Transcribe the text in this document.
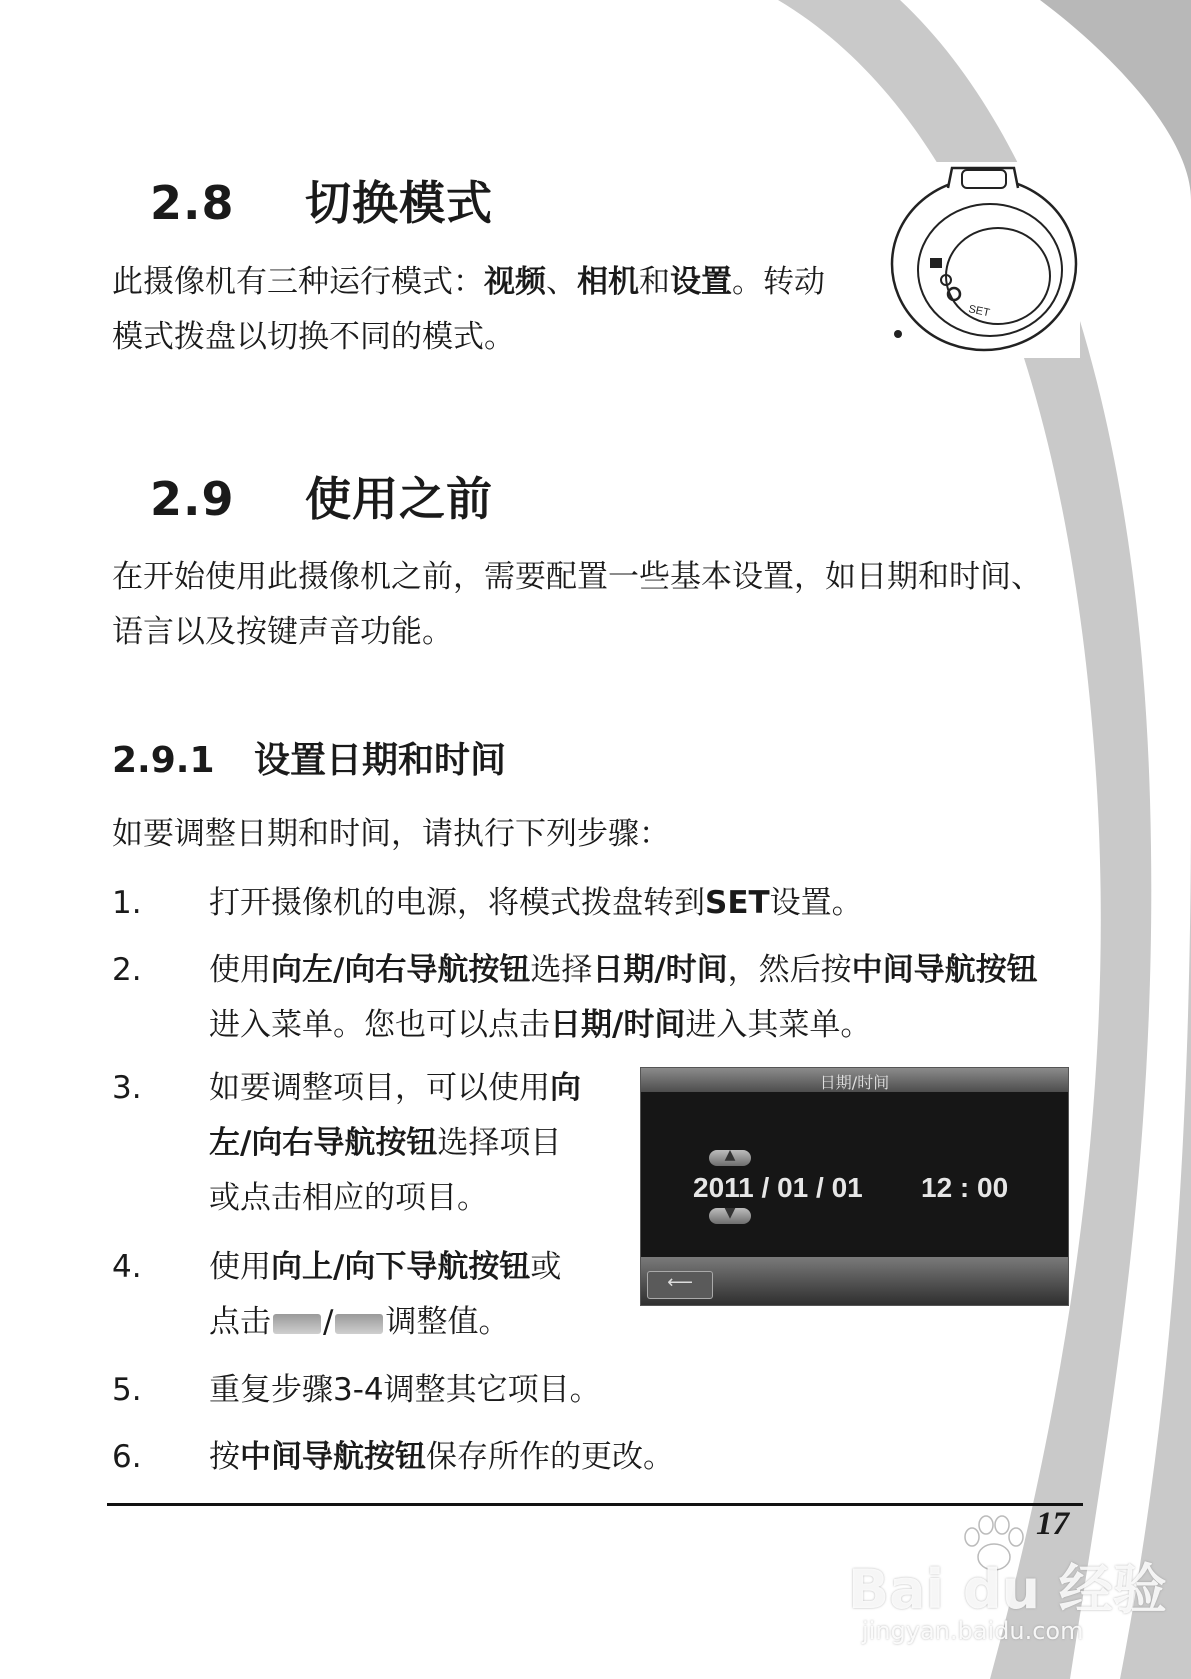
2.8 切换模式

此摄像机有三种运行模式：视频、相机和设置。转动
模式拨盘以切换不同的模式。

SET
2.9 使用之前

在开始使用此摄像机之前，需要配置一些基本设置，如日期和时间、
语言以及按键声音功能。

2.9.1 设置日期和时间

如要调整日期和时间，请执行下列步骤：

1. 打开摄像机的电源，将模式拨盘转到SET设置。
2. 使用向左/向右导航按钮选择日期/时间，然后按中间导航按钮
进入菜单。您也可以点击日期/时间进入其菜单。
3. 如要调整项目，可以使用向
左/向右导航按钮选择项目
或点击相应的项目。
4. 使用向上/向下导航按钮或
点击 / 调整值。
5. 重复步骤3-4调整其它项目。
6. 按中间导航按钮保存所作的更改。
日期/时间
▲
2011 / 01 / 01 12 : 00
▼
⟵
17
Bai du 经验
jingyan.baidu.com
